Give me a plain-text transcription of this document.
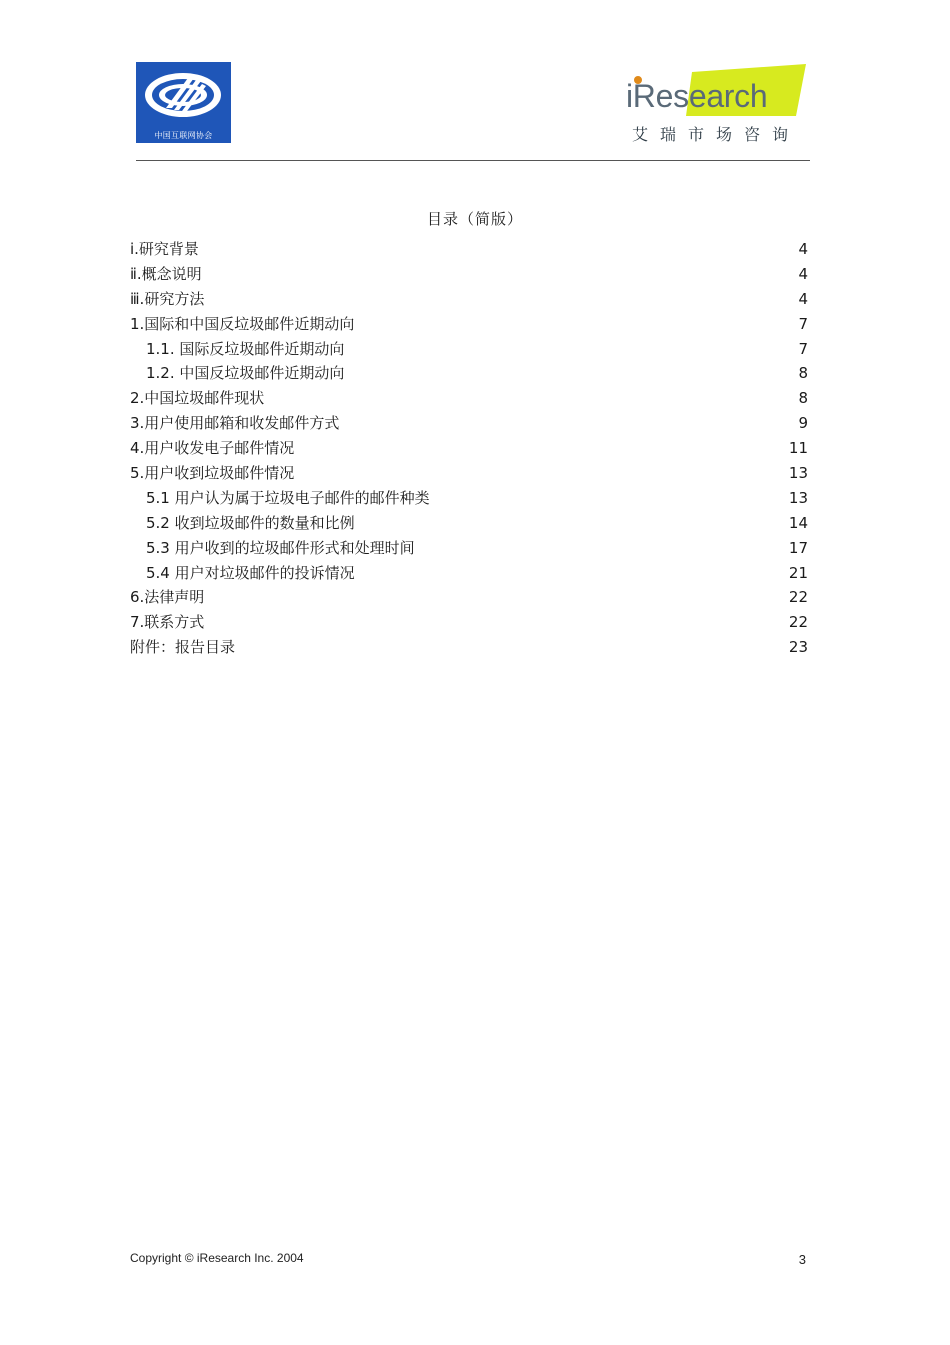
中国互联网协会
iResearch
艾瑞市场咨询
目录（简版）
ⅰ.研究背景	4
ⅱ.概念说明	4
ⅲ.研究方法	4
1.国际和中国反垃圾邮件近期动向	7
1.1. 国际反垃圾邮件近期动向	7
1.2. 中国反垃圾邮件近期动向	8
2.中国垃圾邮件现状	8
3.用户使用邮箱和收发邮件方式	9
4.用户收发电子邮件情况	11
5.用户收到垃圾邮件情况	13
5.1 用户认为属于垃圾电子邮件的邮件种类	13
5.2 收到垃圾邮件的数量和比例	14
5.3 用户收到的垃圾邮件形式和处理时间	17
5.4 用户对垃圾邮件的投诉情况	21
6.法律声明	22
7.联系方式	22
附件：报告目录	23
Copyright © iResearch Inc. 2004	3
